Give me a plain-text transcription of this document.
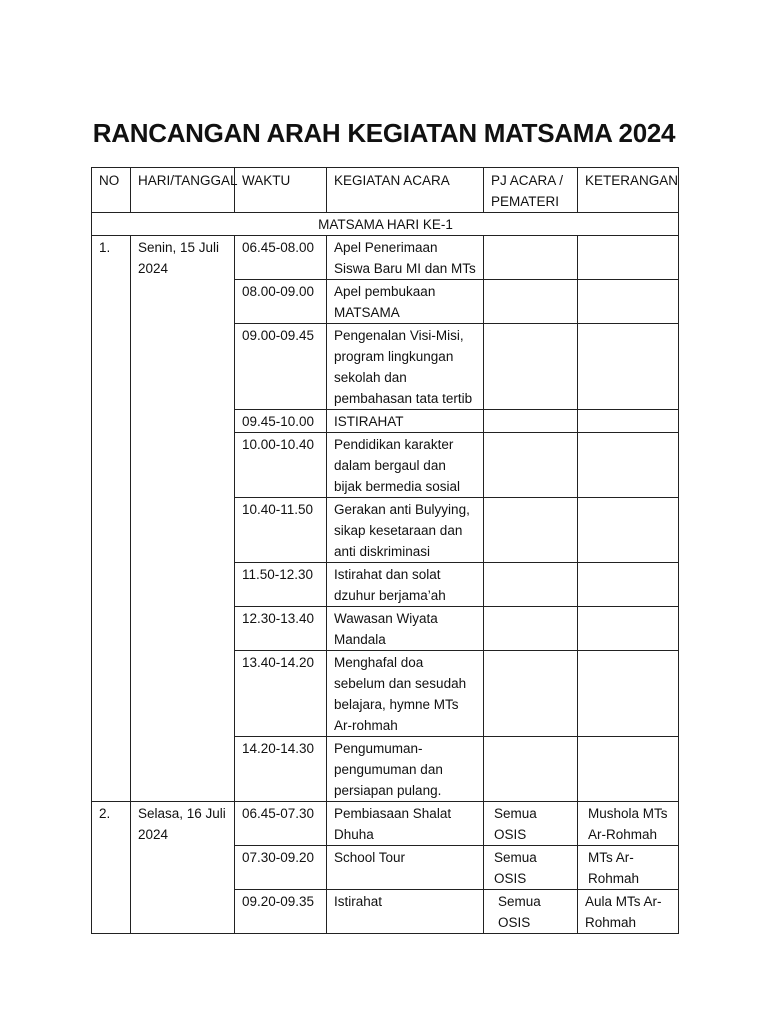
RANCANGAN ARAH KEGIATAN MATSAMA 2024
NO	HARI/TANGGAL	WAKTU	KEGIATAN ACARA	PJ ACARA / PEMATERI	KETERANGAN
MATSAMA HARI KE-1					
1.	Senin, 15 Juli 2024	06.45-08.00	Apel Penerimaan Siswa Baru MI dan MTs		
		08.00-09.00	Apel pembukaan MATSAMA		
		09.00-09.45	Pengenalan Visi-Misi, program lingkungan sekolah dan pembahasan tata tertib		
		09.45-10.00	ISTIRAHAT		
		10.00-10.40	Pendidikan karakter dalam bergaul dan bijak bermedia sosial		
		10.40-11.50	Gerakan anti Bulyying, sikap kesetaraan dan anti diskriminasi		
		11.50-12.30	Istirahat dan solat dzuhur berjama’ah		
		12.30-13.40	Wawasan Wiyata Mandala		
		13.40-14.20	Menghafal doa sebelum dan sesudah belajara, hymne MTs Ar-rohmah		
		14.20-14.30	Pengumuman-pengumuman dan persiapan pulang.		
2.	Selasa, 16 Juli 2024	06.45-07.30	Pembiasaan Shalat Dhuha	Semua OSIS	Mushola MTs Ar-Rohmah
		07.30-09.20	School Tour	Semua OSIS	MTs Ar-Rohmah
		09.20-09.35	Istirahat	Semua OSIS	Aula MTs Ar-Rohmah
